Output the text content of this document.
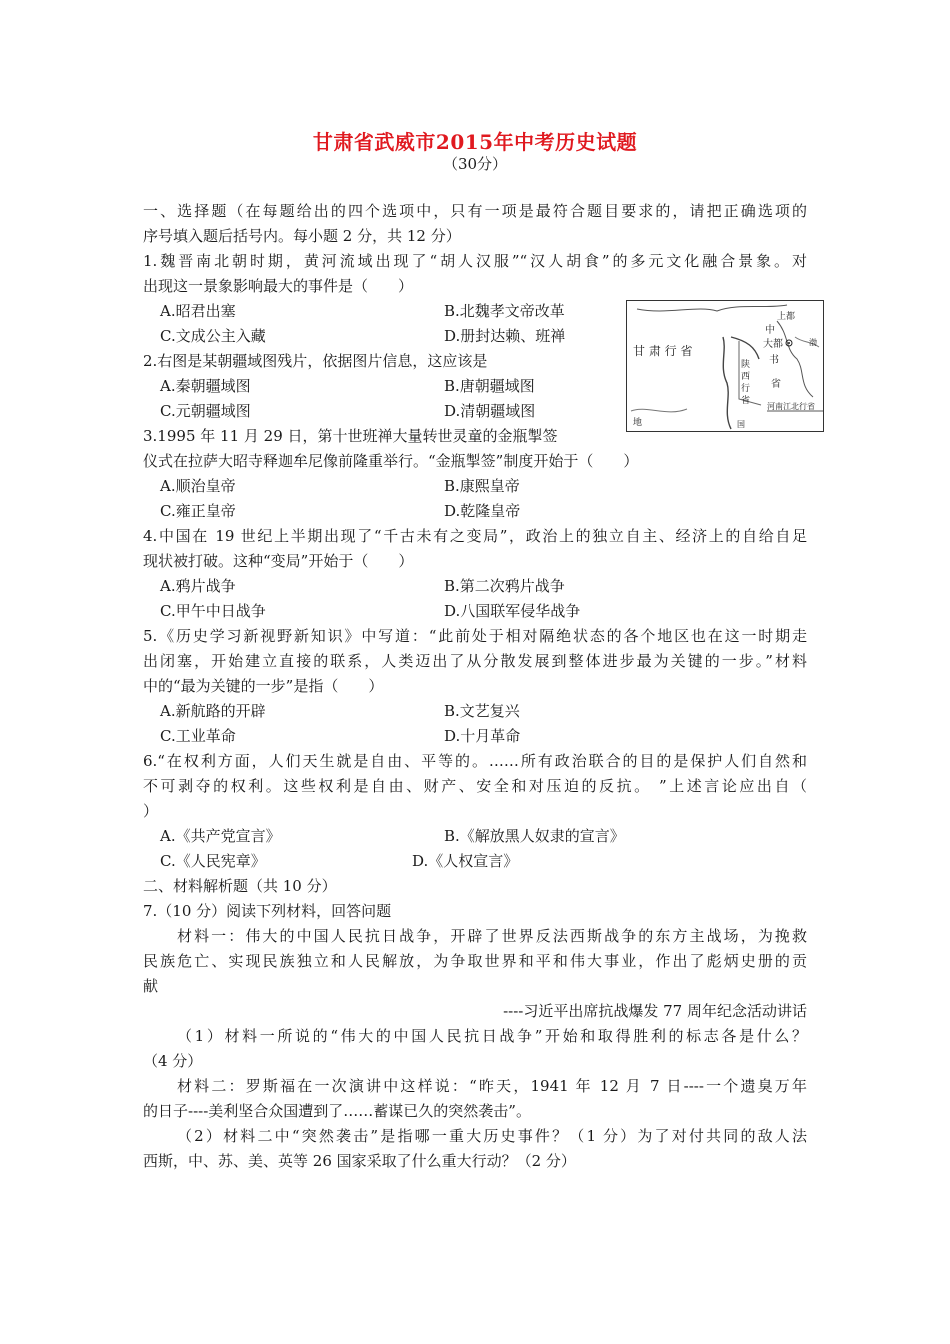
甘肃省武威市2015年中考历史试题
（30分）
一、选择题（在每题给出的四个选项中，只有一项是最符合题目要求的，请把正确选项的
序号填入题后括号内。每小题 2 分，共 12 分）
1.魏晋南北朝时期，黄河流域出现了“胡人汉服”“汉人胡食”的多元文化融合景象。对
出现这一景象影响最大的事件是（　　）
A.昭君出塞	B.北魏孝文帝改革
C.文成公主入藏	D.册封达赖、班禅
甘 肃 行 省
上都
中
大都
书
省
陕
西
行
省
河南江北行省
地	国
渤
2.右图是某朝疆域图残片，依据图片信息，这应该是
A.秦朝疆域图	B.唐朝疆域图
C.元朝疆域图	D.清朝疆域图
3.1995 年 11 月 29 日，第十世班禅大量转世灵童的金瓶掣签
仪式在拉萨大昭寺释迦牟尼像前隆重举行。“金瓶掣签”制度开始于（　　）
A.顺治皇帝	B.康熙皇帝
C.雍正皇帝	D.乾隆皇帝
4.中国在 19 世纪上半期出现了“千古未有之变局”，政治上的独立自主、经济上的自给自足
现状被打破。这种“变局”开始于（　　）
A.鸦片战争	B.第二次鸦片战争
C.甲午中日战争	D.八国联军侵华战争
5.《历史学习新视野新知识》中写道：“此前处于相对隔绝状态的各个地区也在这一时期走
出闭塞，开始建立直接的联系，人类迈出了从分散发展到整体进步最为关键的一步。”材料
中的“最为关键的一步”是指（　　）
A.新航路的开辟	B.文艺复兴
C.工业革命	D.十月革命
6.“在权利方面，人们天生就是自由、平等的。……所有政治联合的目的是保护人们自然和
不可剥夺的权利。这些权利是自由、财产、安全和对压迫的反抗。 ”上述言论应出自（
）
A.《共产党宣言》	B.《解放黑人奴隶的宣言》
C.《人民宪章》	D.《人权宣言》
二、材料解析题（共 10 分）
7.（10 分）阅读下列材料，回答问题
材料一：伟大的中国人民抗日战争，开辟了世界反法西斯战争的东方主战场，为挽救
民族危亡、实现民族独立和人民解放，为争取世界和平和伟大事业，作出了彪炳史册的贡
献
----习近平出席抗战爆发 77 周年纪念活动讲话
（1）材料一所说的“伟大的中国人民抗日战争”开始和取得胜利的标志各是什么？
（4 分）
材料二：罗斯福在一次演讲中这样说：“昨天，1941 年 12 月 7 日----一个遗臭万年
的日子----美利坚合众国遭到了……蓄谋已久的突然袭击”。
（2）材料二中“突然袭击”是指哪一重大历史事件？（1 分）为了对付共同的敌人法
西斯，中、苏、美、英等 26 国家采取了什么重大行动？（2 分）
